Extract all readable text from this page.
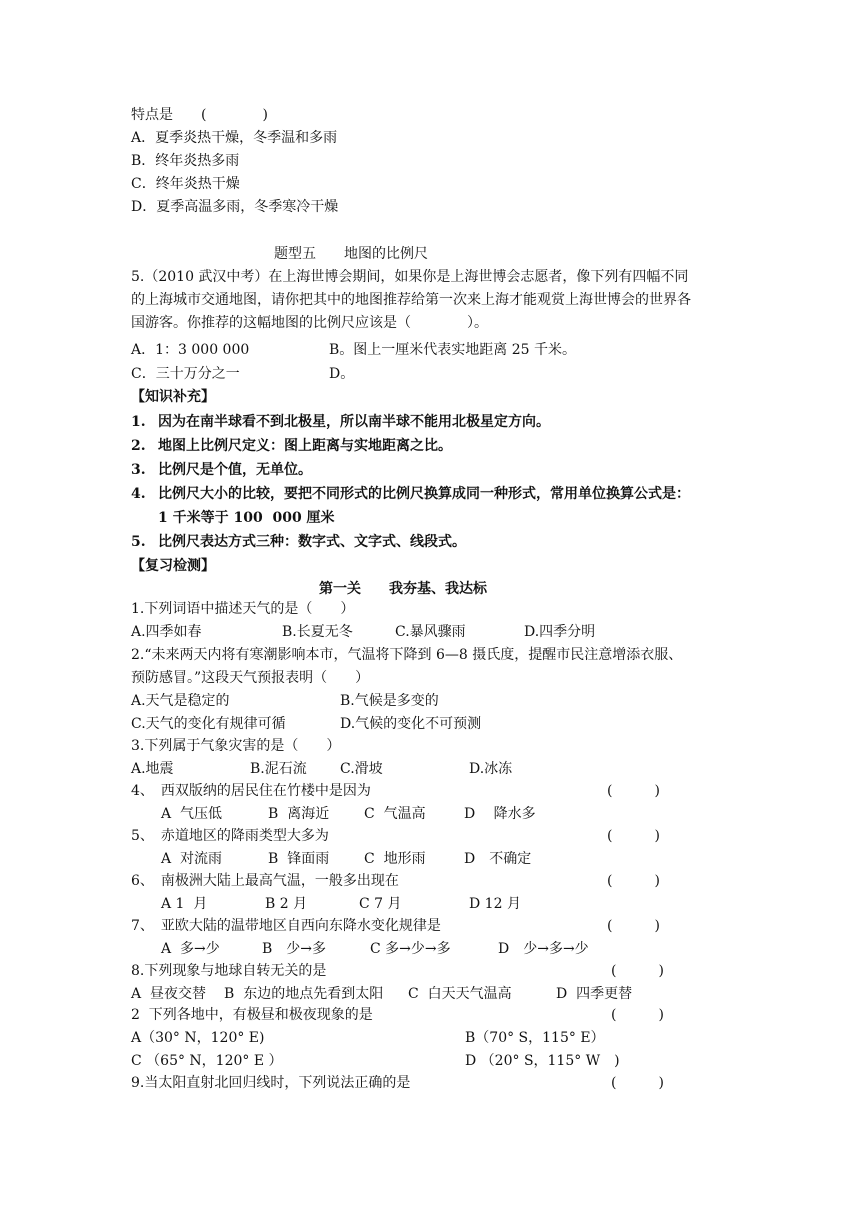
特点是　　(　　　　)
A．夏季炎热干燥，冬季温和多雨
B．终年炎热多雨
C．终年炎热干燥
D．夏季高温多雨，冬季寒冷干燥
题型五　　地图的比例尺
5.（2010 武汉中考）在上海世博会期间，如果你是上海世博会志愿者，像下列有四幅不同
的上海城市交通地图，请你把其中的地图推荐给第一次来上海才能观赏上海世博会的世界各
国游客。你推荐的这幅地图的比例尺应该是（　　　　）。
A．1：3 000 000	B。图上一厘米代表实地距离 25 千米。
C．三十万分之一	D。
【知识补充】
1. 因为在南半球看不到北极星，所以南半球不能用北极星定方向。
2. 地图上比例尺定义：图上距离与实地距离之比。
3. 比例尺是个值，无单位。
4. 比例尺大小的比较，要把不同形式的比例尺换算成同一种形式，常用单位换算公式是：
1 千米等于 100  000 厘米
5. 比例尺表达方式三种：数字式、文字式、线段式。
【复习检测】
第一关　　我夯基、我达标
1.下列词语中描述天气的是（　　）
A.四季如春	B.长夏无冬	C.暴风骤雨	D.四季分明
2.“未来两天内将有寒潮影响本市，气温将下降到 6—8 摄氏度，提醒市民注意增添衣服、
预防感冒。”这段天气预报表明（　　）
A.天气是稳定的	B.气候是多变的
C.天气的变化有规律可循	D.气候的变化不可预测
3.下列属于气象灾害的是（　　）
A.地震	B.泥石流 C.滑坡	D.冰冻
4、　西双版纳的居民住在竹楼中是因为	(　　　)
A  气压低	B  离海近 C  气温高	D　 降水多
5、　赤道地区的降雨类型大多为	(　　　)
A  对流雨	B  锋面雨 C  地形雨	D　不确定
6、　南极洲大陆上最高气温，一般多出现在	(　　　)
A 1  月	B 2 月	C 7 月	D 12 月
7、　亚欧大陆的温带地区自西向东降水变化规律是	(　　　)
A  多→少	B　少→多	C 多→少→多	D　少→多→少
8.下列现象与地球自转无关的是	(　　　)
A  昼夜交替 B  东边的地点先看到太阳 C  白天天气温高	D  四季更替
2  下列各地中，有极昼和极夜现象的是	(　　　)
A（30° N，120° E)	B（70° S，115° E）
C （65° N，120° E ）	D （20° S，115° W　)
9.当太阳直射北回归线时，下列说法正确的是	(　　　)
